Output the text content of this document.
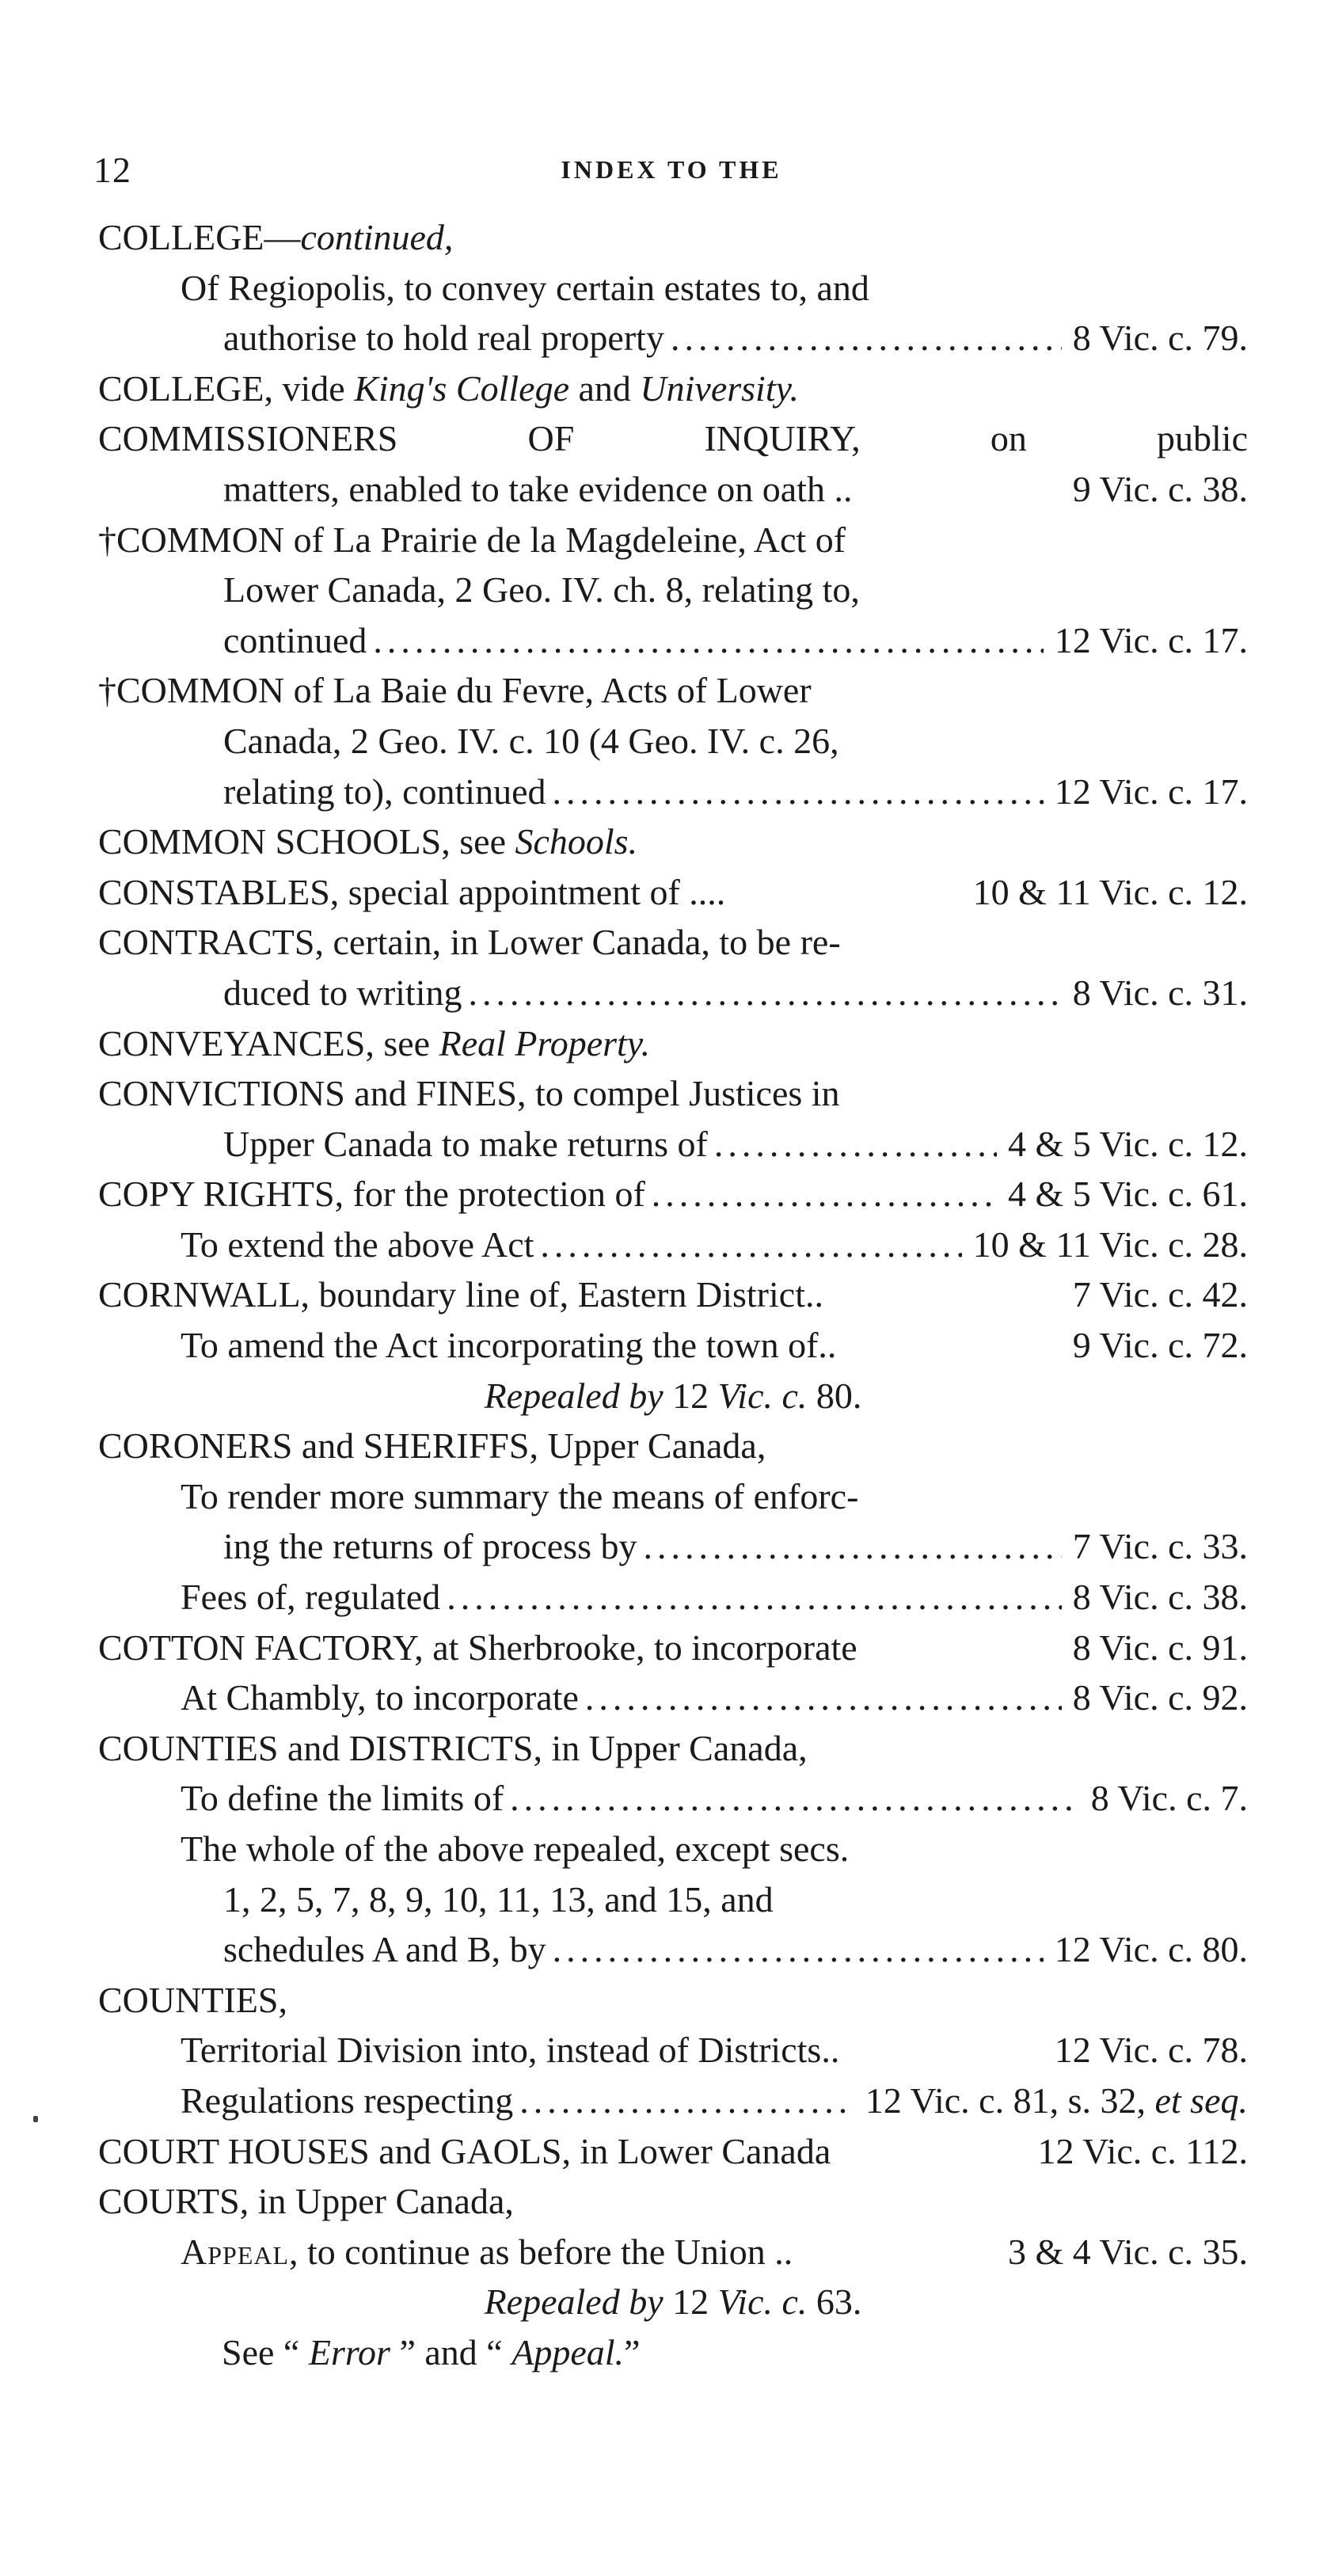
12	INDEX TO THE
COLLEGE—continued,
Of Regiopolis, to convey certain estates to, and
authorise to hold real property .....	8 Vic. c. 79.
COLLEGE, vide King's College and University.
COMMISSIONERS OF INQUIRY, on public
matters, enabled to take evidence on oath ..	9 Vic. c. 38.
†COMMON of La Prairie de la Magdeleine, Act of
Lower Canada, 2 Geo. IV. ch. 8, relating to,
continued .....	12 Vic. c. 17.
†COMMON of La Baie du Fevre, Acts of Lower
Canada, 2 Geo. IV. c. 10 (4 Geo. IV. c. 26,
relating to), continued .....	12 Vic. c. 17.
COMMON SCHOOLS, see Schools.
CONSTABLES, special appointment of ....	10 & 11 Vic. c. 12.
CONTRACTS, certain, in Lower Canada, to be re-
duced to writing .....	8 Vic. c. 31.
CONVEYANCES, see Real Property.
CONVICTIONS and FINES, to compel Justices in
Upper Canada to make returns of .....	4 & 5 Vic. c. 12.
COPY RIGHTS, for the protection of .....	4 & 5 Vic. c. 61.
To extend the above Act .....	10 & 11 Vic. c. 28.
CORNWALL, boundary line of, Eastern District..	7 Vic. c. 42.
To amend the Act incorporating the town of..	9 Vic. c. 72.
Repealed by 12 Vic. c. 80.
CORONERS and SHERIFFS, Upper Canada,
To render more summary the means of enforc-
ing the returns of process by .....	7 Vic. c. 33.
Fees of, regulated .....	8 Vic. c. 38.
COTTON FACTORY, at Sherbrooke, to incorporate	8 Vic. c. 91.
At Chambly, to incorporate .....	8 Vic. c. 92.
COUNTIES and DISTRICTS, in Upper Canada,
To define the limits of .....	8 Vic. c. 7.
The whole of the above repealed, except secs.
1, 2, 5, 7, 8, 9, 10, 11, 13, and 15, and
schedules A and B, by .....	12 Vic. c. 80.
COUNTIES,
Territorial Division into, instead of Districts..	12 Vic. c. 78.
Regulations respecting .....	12 Vic. c. 81, s. 32, et seq.
COURT HOUSES and GAOLS, in Lower Canada	12 Vic. c. 112.
COURTS, in Upper Canada,
Appeal, to continue as before the Union ..	3 & 4 Vic. c. 35.
Repealed by 12 Vic. c. 63.
See “ Error ” and “ Appeal.”
